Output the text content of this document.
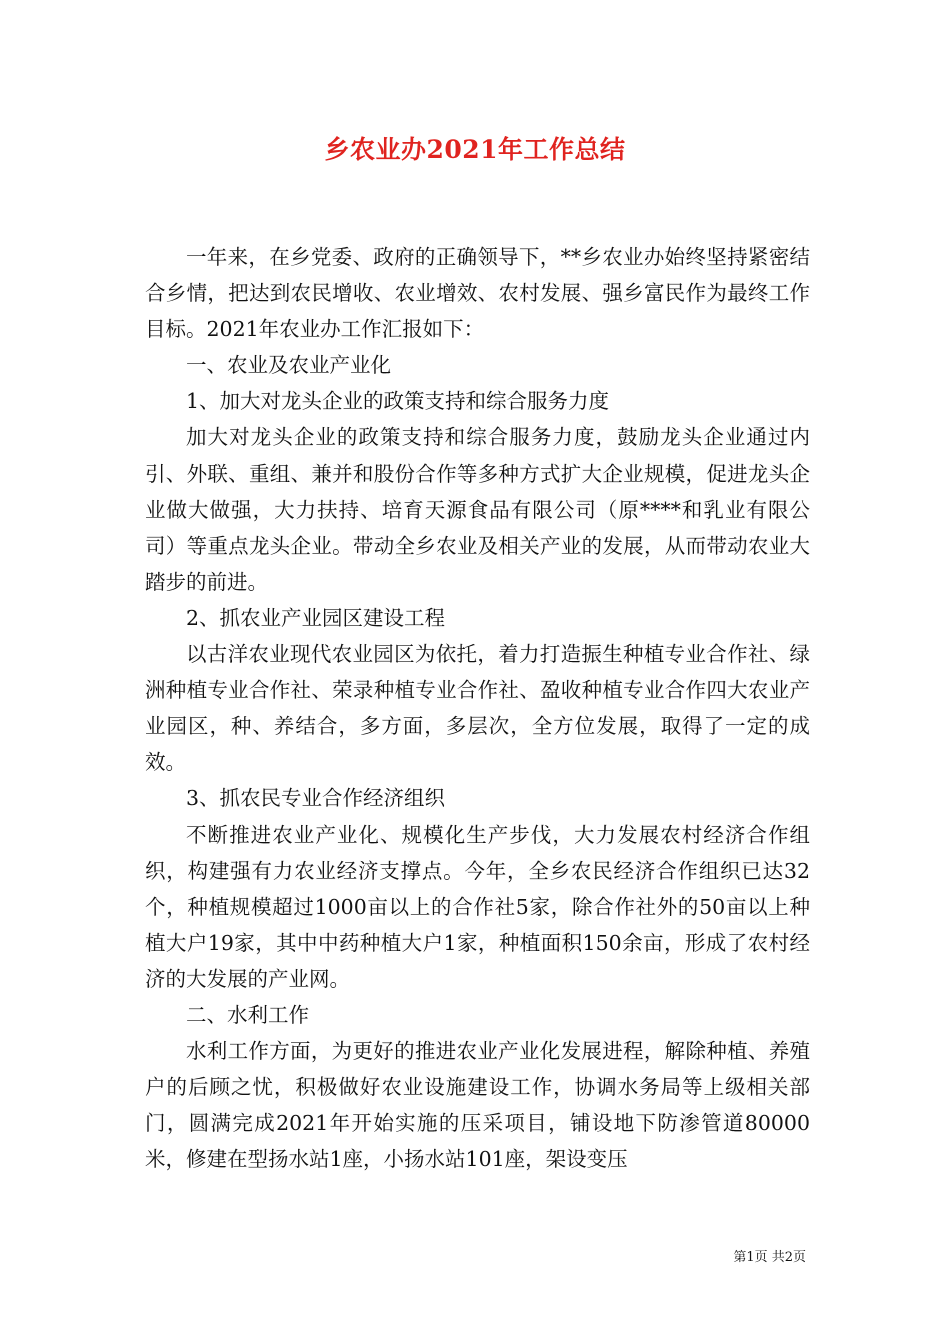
乡农业办2021年工作总结

一年来，在乡党委、政府的正确领导下，**乡农业办始终坚持紧密结合乡情，把达到农民增收、农业增效、农村发展、强乡富民作为最终工作目标。2021年农业办工作汇报如下：

一、农业及农业产业化

1、加大对龙头企业的政策支持和综合服务力度

加大对龙头企业的政策支持和综合服务力度，鼓励龙头企业通过内引、外联、重组、兼并和股份合作等多种方式扩大企业规模，促进龙头企业做大做强，大力扶持、培育天源食品有限公司（原****和乳业有限公司）等重点龙头企业。带动全乡农业及相关产业的发展，从而带动农业大踏步的前进。

2、抓农业产业园区建设工程

以古洋农业现代农业园区为依托，着力打造振生种植专业合作社、绿洲种植专业合作社、荣录种植专业合作社、盈收种植专业合作四大农业产业园区，种、养结合，多方面，多层次，全方位发展，取得了一定的成效。

3、抓农民专业合作经济组织

不断推进农业产业化、规模化生产步伐，大力发展农村经济合作组织，构建强有力农业经济支撑点。今年，全乡农民经济合作组织已达32个，种植规模超过1000亩以上的合作社5家，除合作社外的50亩以上种植大户19家，其中中药种植大户1家，种植面积150余亩，形成了农村经济的大发展的产业网。

二、水利工作

水利工作方面，为更好的推进农业产业化发展进程，解除种植、养殖户的后顾之忧，积极做好农业设施建设工作，协调水务局等上级相关部门，圆满完成2021年开始实施的压采项目，铺设地下防渗管道80000米，修建在型扬水站1座，小扬水站101座，架设变压

第1页 共2页
